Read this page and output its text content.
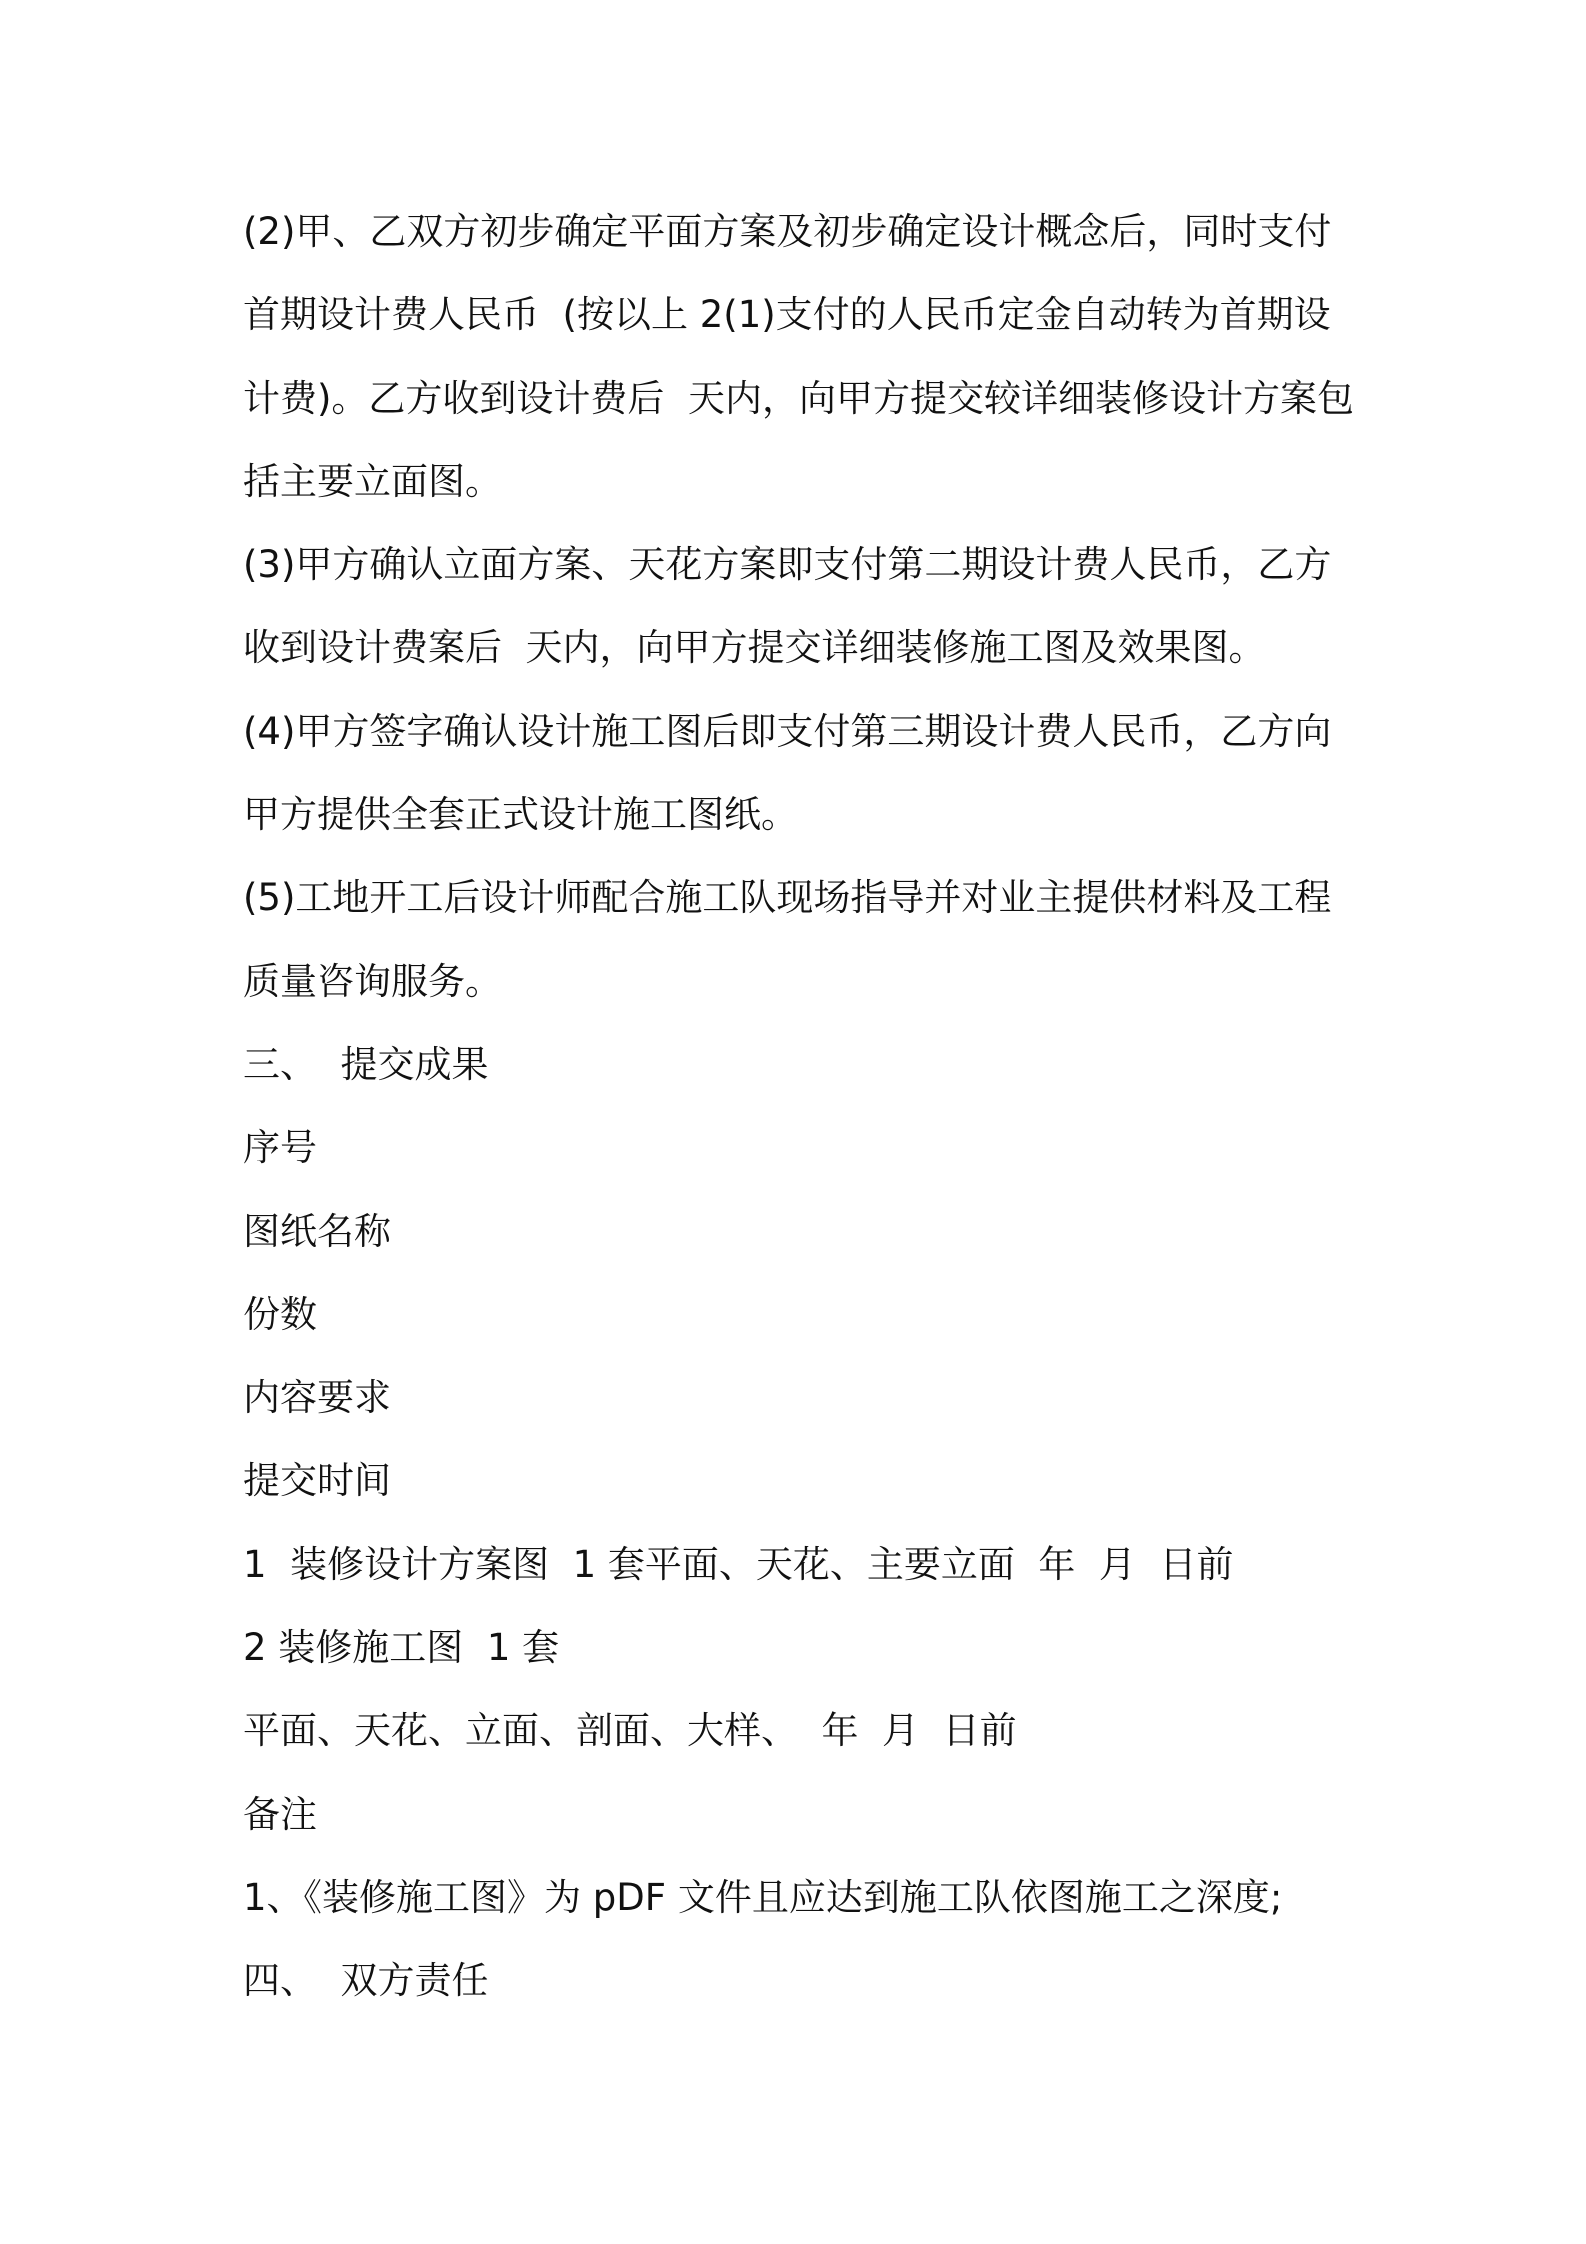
(2)甲、乙双方初步确定平面方案及初步确定设计概念后，同时支付
首期设计费人民币  (按以上 2(1)支付的人民币定金自动转为首期设
计费)。乙方收到设计费后  天内，向甲方提交较详细装修设计方案包
括主要立面图。
(3)甲方确认立面方案、天花方案即支付第二期设计费人民币，乙方
收到设计费案后  天内，向甲方提交详细装修施工图及效果图。
(4)甲方签字确认设计施工图后即支付第三期设计费人民币，乙方向
甲方提供全套正式设计施工图纸。
(5)工地开工后设计师配合施工队现场指导并对业主提供材料及工程
质量咨询服务。
三、  提交成果
序号
图纸名称
份数
内容要求
提交时间
1  装修设计方案图  1 套平面、天花、主要立面  年  月  日前
2 装修施工图  1 套
平面、天花、立面、剖面、大样、  年  月  日前
备注
1、《装修施工图》为 pDF 文件且应达到施工队依图施工之深度;
四、  双方责任
